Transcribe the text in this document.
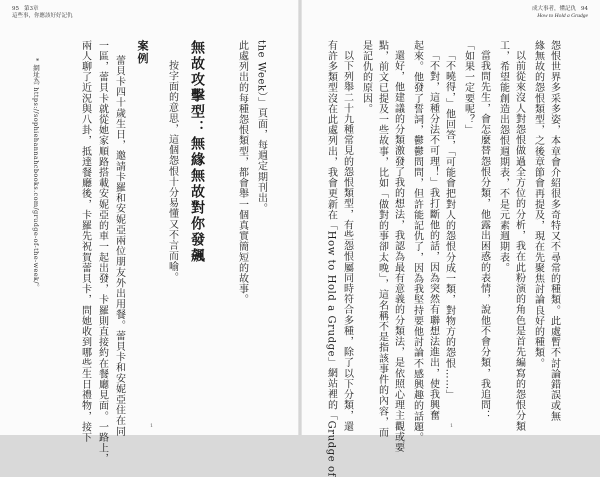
95 第3章
這些事，你應該好好記仇
the Week）」頁面，每週定期刊出。
此處列出的每種怨恨類型，都會舉一個真實簡短的故事。
無故攻擊型：無緣無故對你發飆
按字面的意思，這個怨恨十分易懂又不言而喻。
案例
蕾貝卡四十歲生日，邀請卡羅和安妮亞兩位朋友外出用餐。蕾貝卡和安妮亞住在同
一區，蕾貝卡就從她家順路搭載安妮亞的車一起出發，卡羅則直接約在餐廳見面。一路上，
兩人聊了近況與八卦，抵達餐廳後，卡羅先祝賀蕾貝卡，問她收到哪些生日禮物，接下
* 網址為 https://sophiehannahcbooks.com/grudge-of-the-week/。
1
成大事者，懂記仇 94
How to Hold a Grudge
怨恨世界多采多姿，本章會介紹很多奇特又不尋常的種類。此處暫不討論錯誤或無
緣無故的怨恨類型，之後章節會再提及，現在先聚焦討論良好的種類。
以前從來沒人對怨恨做過全方位的分析，我在此粉演的角色是首先編寫的怨恨分類
工，希望能創造出怨恨週期表，不是元素週期表。
當我問先生，會怎麼替怨恨分類，他露出困惑的表情，說他不會分類，我追問：
「如果一定要呢？」
「不曉得，」他回答，「可能會把對人的怨恨分成一類，對物方的怨恨……」
「不對，這種分法不可理！」我打斷他的話，因為突然有聯想法進出，使我興奮
起來。他發了誓詞，鬱鬱問問，但許能記仇了，因為我堅持要他討論不感興趣的話題。
還好，他建議的分類激發了我的想法，我認為最有意義的分類法，是依照心理主觀或要
點，前文已提及一些故事，比如「做對的事卻太晚」，這名稱不是指該事件的內容，而
是記仇的原因。
以下列舉二十九種常見的怨恨類型，有些怨恨屬同時符合多種，除了以下分類，還
有許多類型沒在此處列出，我會更新在「How to Hold a Grudge」網站裡的「Grudge of	1
